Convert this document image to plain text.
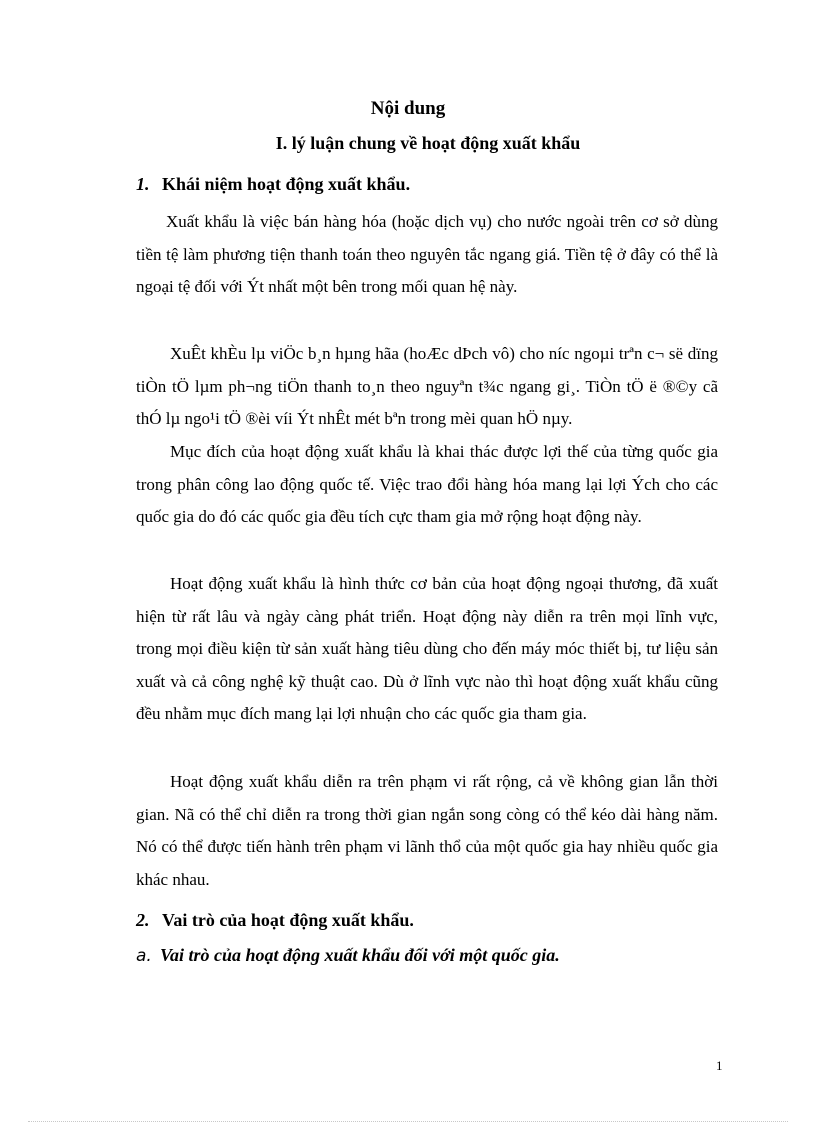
Nội dung
I. lý luận chung về hoạt động xuất khẩu
1. Khái niệm hoạt động xuất khẩu.

Xuất khẩu là việc bán hàng hóa (hoặc dịch vụ) cho nước ngoài trên cơ sở dùng tiền tệ làm phương tiện thanh toán theo nguyên tắc ngang giá. Tiền tệ ở đây có thể là ngoại tệ đối với Ýt nhất một bên trong mối quan hệ này.

XuÊt khÈu lµ viÖc b¸n hµng hãa (hoÆc dÞch vô) cho níc ngoµi trªn c¬ së dïng tiÒn tÖ lµm ph¬ng tiÖn thanh to¸n theo nguyªn t¾c ngang gi¸. TiÒn tÖ ë ®©y cã thÓ lµ ngo¹i tÖ ®èi víi Ýt nhÊt mét bªn trong mèi quan hÖ nµy.

Mục đích của hoạt động xuất khẩu là khai thác được lợi thế của từng quốc gia trong phân công lao động quốc tế. Việc trao đổi hàng hóa mang lại lợi Ých cho các quốc gia do đó các quốc gia đều tích cực tham gia mở rộng hoạt động này.

Hoạt động xuất khẩu là hình thức cơ bản của hoạt động ngoại thương, đã xuất hiện từ rất lâu và ngày càng phát triển. Hoạt động này diễn ra trên mọi lĩnh vực, trong mọi điều kiện từ sản xuất hàng tiêu dùng cho đến máy móc thiết bị, tư liệu sản xuất và cả công nghệ kỹ thuật cao. Dù ở lĩnh vực nào thì hoạt động xuất khẩu cũng đều nhằm mục đích mang lại lợi nhuận cho các quốc gia tham gia.

Hoạt động xuất khẩu diễn ra trên phạm vi rất rộng, cả về không gian lẫn thời gian. Nã có thể chỉ diễn ra trong thời gian ngắn song còng có thể kéo dài hàng năm. Nó có thể được tiến hành trên phạm vi lãnh thổ của một quốc gia hay nhiều quốc gia khác nhau.

2. Vai trò của hoạt động xuất khẩu.
a. Vai trò của hoạt động xuất khẩu đối với một quốc gia.
1
